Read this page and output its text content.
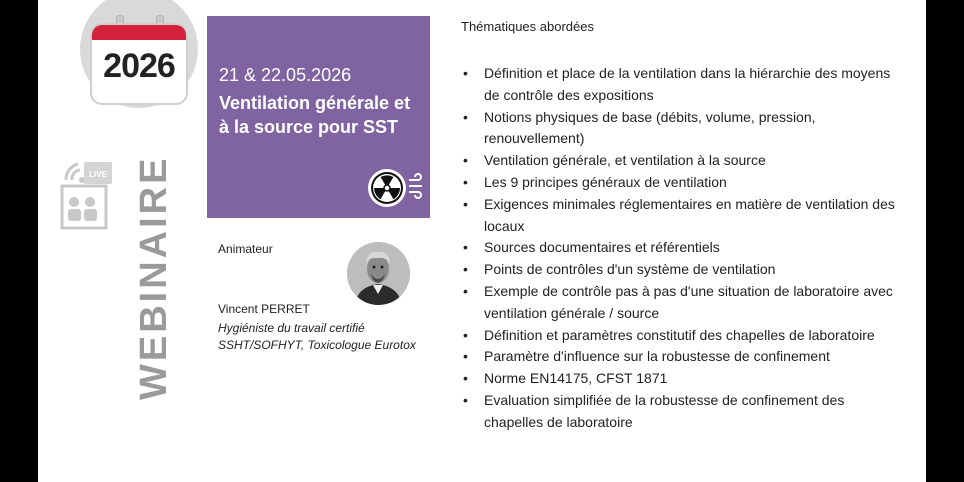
2026
LIVE WEBINAIRE
21 & 22.05.2026
Ventilation générale et à la source pour SST
Animateur
Vincent PERRET
Hygiéniste du travail certifié SSHT/SOFHYT, Toxicologue Eurotox
Thématiques abordées
• Définition et place de la ventilation dans la hiérarchie des moyens de contrôle des expositions
• Notions physiques de base (débits, volume, pression, renouvellement)
• Ventilation générale, et ventilation à la source
• Les 9 principes généraux de ventilation
• Exigences minimales réglementaires en matière de ventilation des locaux
• Sources documentaires et référentiels
• Points de contrôles d'un système de ventilation
• Exemple de contrôle pas à pas d'une situation de laboratoire avec ventilation générale / source
• Définition et paramètres constitutif des chapelles de laboratoire
• Paramètre d'influence sur la robustesse de confinement
• Norme EN14175, CFST 1871
• Evaluation simplifiée de la robustesse de confinement des chapelles de laboratoire
